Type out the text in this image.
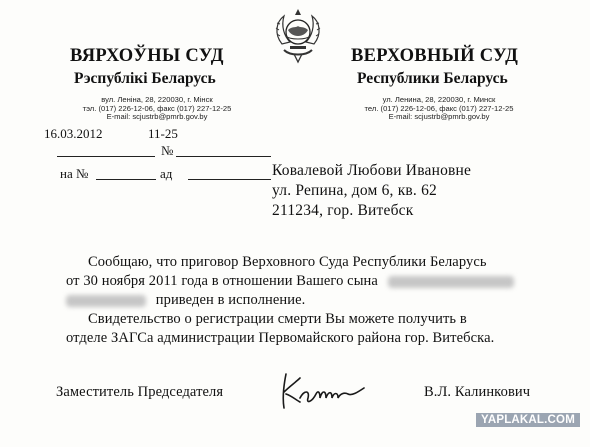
ВЯРХОЎНЫ СУД
Рэспублікі Беларусь
вул. Леніна, 28, 220030, г. Мінск
тэл. (017) 226-12-06, факс (017) 227-12-25
E-mail: scjustrb@pmrb.gov.by
ВЕРХОВНЫЙ СУД
Республики Беларусь
ул. Ленина, 28, 220030, г. Минск
тел. (017) 226-12-06, факс (017) 227-12-25
E-mail: scjustrb@pmrb.gov.by
16.03.2012	11-25
№
на №	ад	Ковалевой Любови Ивановне
ул. Репина, дом 6, кв. 62
211234, гор. Витебск
Сообщаю, что приговор Верховного Суда Республики Беларусь
от 30 ноября 2011 года в отношении Вашего сына
приведен в исполнение.
Свидетельство о регистрации смерти Вы можете получить в
отделе ЗАГСа администрации Первомайского района гор. Витебска.
Заместитель Председателя	В.Л. Калинкович
YAPLAKAL.COM
